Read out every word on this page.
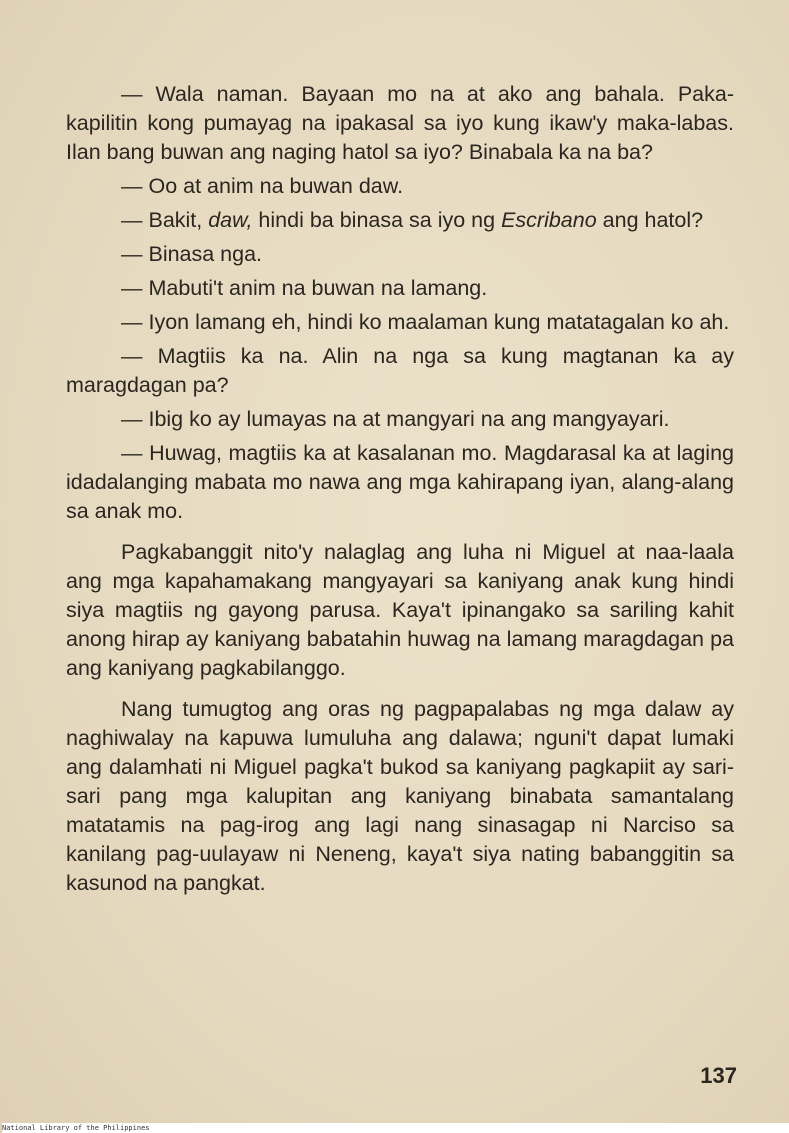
— Wala naman. Bayaan mo na at ako ang bahala. Paka-kapilitin kong pumayag na ipakasal sa iyo kung ikaw'y maka-labas. Ilan bang buwan ang naging hatol sa iyo? Binabala ka na ba?

— Oo at anim na buwan daw.

— Bakit, daw, hindi ba binasa sa iyo ng Escribano ang hatol?

— Binasa nga.

— Mabuti't anim na buwan na lamang.

— Iyon lamang eh, hindi ko maalaman kung matatagalan ko ah.

— Magtiis ka na. Alin na nga sa kung magtanan ka ay maragdagan pa?

— Ibig ko ay lumayas na at mangyari na ang mangyayari.

— Huwag, magtiis ka at kasalanan mo. Magdarasal ka at laging idadalanging mabata mo nawa ang mga kahirapang iyan, alang-alang sa anak mo.

Pagkabanggit nito'y nalaglag ang luha ni Miguel at naa-laala ang mga kapahamakang mangyayari sa kaniyang anak kung hindi siya magtiis ng gayong parusa. Kaya't ipinangako sa sariling kahit anong hirap ay kaniyang babatahin huwag na lamang maragdagan pa ang kaniyang pagkabilanggo.

Nang tumugtog ang oras ng pagpapalabas ng mga dalaw ay naghiwalay na kapuwa lumuluha ang dalawa; nguni't dapat lumaki ang dalamhati ni Miguel pagka't bukod sa kaniyang pagkapiit ay sari-sari pang mga kalupitan ang kaniyang binabata samantalang matatamis na pag-irog ang lagi nang sinasagap ni Narciso sa kanilang pag-uulayaw ni Neneng, kaya't siya nating babanggitin sa kasunod na pangkat.

137
National Library of the Philippines
